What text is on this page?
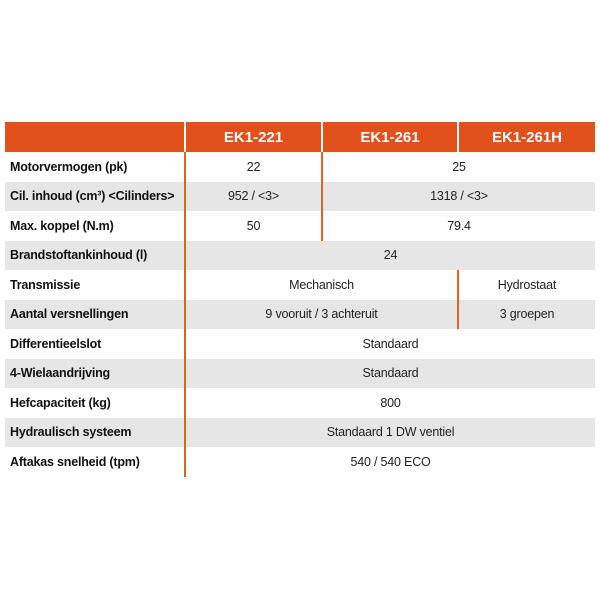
	EK1-221	EK1-261	EK1-261H
Motorvermogen (pk)	22	25	
Cil. inhoud (cm³) <Cilinders>	952 / <3>	1318 / <3>	
Max. koppel (N.m)	50	79.4	
Brandstoftankinhoud (l)	24		
Transmissie	Mechanisch		Hydrostaat
Aantal versnellingen	9 vooruit / 3 achteruit		3 groepen
Differentieelslot	Standaard		
4-Wielaandrijving	Standaard		
Hefcapaciteit (kg)	800		
Hydraulisch systeem	Standaard 1 DW ventiel		
Aftakas snelheid (tpm)	540 / 540 ECO		
